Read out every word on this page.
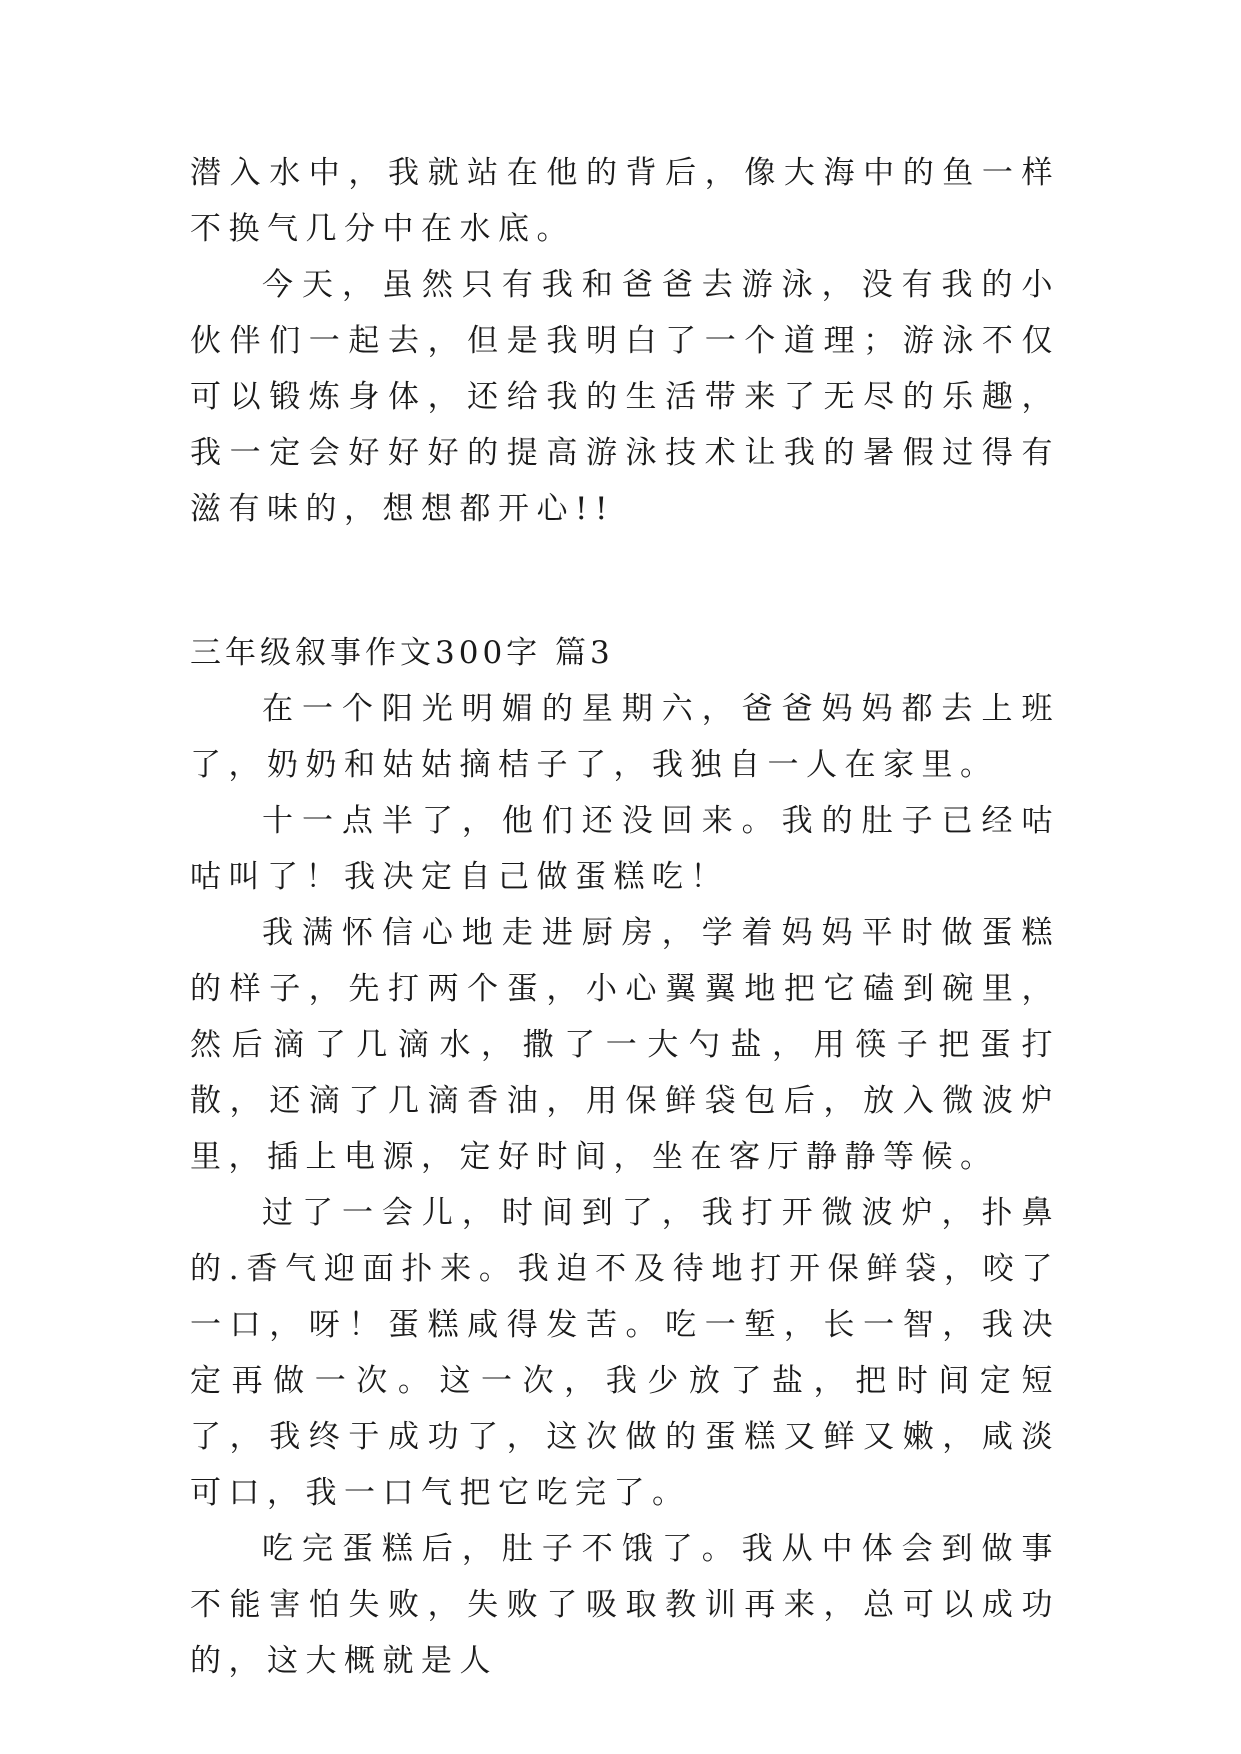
潜入水中，我就站在他的背后，像大海中的鱼一样不换气几分中在水底。

今天，虽然只有我和爸爸去游泳，没有我的小伙伴们一起去，但是我明白了一个道理；游泳不仅可以锻炼身体，还给我的生活带来了无尽的乐趣，我一定会好好好的提高游泳技术让我的暑假过得有滋有味的，想想都开心!!

三年级叙事作文300字 篇3

在一个阳光明媚的星期六，爸爸妈妈都去上班了，奶奶和姑姑摘桔子了，我独自一人在家里。

十一点半了，他们还没回来。我的肚子已经咕咕叫了！我决定自己做蛋糕吃！

我满怀信心地走进厨房，学着妈妈平时做蛋糕的样子，先打两个蛋，小心翼翼地把它磕到碗里，然后滴了几滴水，撒了一大勺盐，用筷子把蛋打散，还滴了几滴香油，用保鲜袋包后，放入微波炉里，插上电源，定好时间，坐在客厅静静等候。

过了一会儿，时间到了，我打开微波炉，扑鼻的.香气迎面扑来。我迫不及待地打开保鲜袋，咬了一口，呀！蛋糕咸得发苦。吃一堑，长一智，我决定再做一次。这一次，我少放了盐，把时间定短了，我终于成功了，这次做的蛋糕又鲜又嫩，咸淡可口，我一口气把它吃完了。

吃完蛋糕后，肚子不饿了。我从中体会到做事不能害怕失败，失败了吸取教训再来，总可以成功的，这大概就是人
